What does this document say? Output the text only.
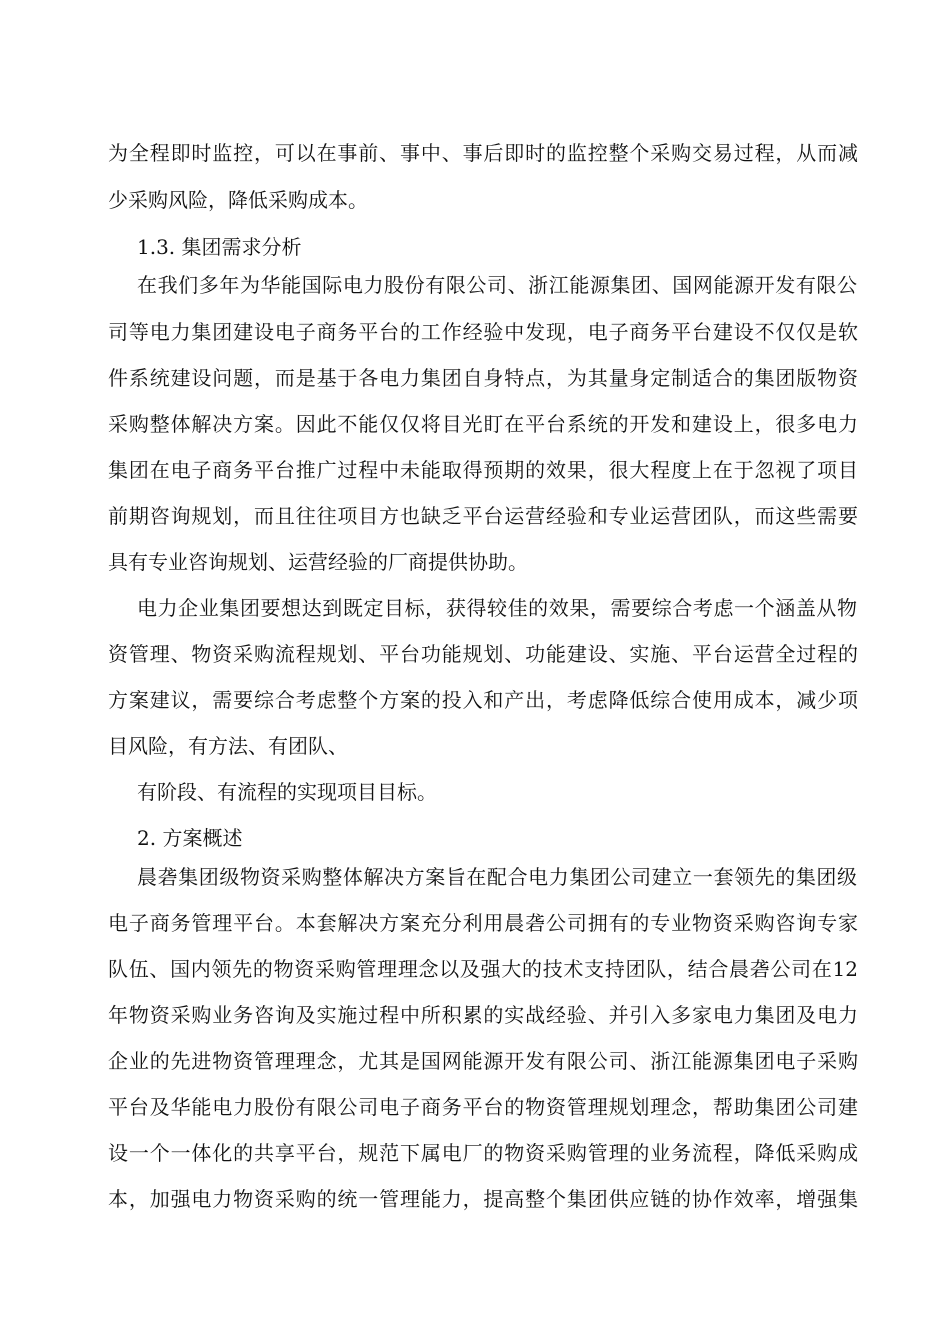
为全程即时监控，可以在事前、事中、事后即时的监控整个采购交易过程，从而减
少采购风险，降低采购成本。
1.3. 集团需求分析
在我们多年为华能国际电力股份有限公司、浙江能源集团、国网能源开发有限公
司等电力集团建设电子商务平台的工作经验中发现，电子商务平台建设不仅仅是软
件系统建设问题，而是基于各电力集团自身特点，为其量身定制适合的集团版物资
采购整体解决方案。因此不能仅仅将目光盯在平台系统的开发和建设上，很多电力
集团在电子商务平台推广过程中未能取得预期的效果，很大程度上在于忽视了项目
前期咨询规划，而且往往项目方也缺乏平台运营经验和专业运营团队，而这些需要
具有专业咨询规划、运营经验的厂商提供协助。
电力企业集团要想达到既定目标，获得较佳的效果，需要综合考虑一个涵盖从物
资管理、物资采购流程规划、平台功能规划、功能建设、实施、平台运营全过程的
方案建议，需要综合考虑整个方案的投入和产出，考虑降低综合使用成本，减少项
目风险，有方法、有团队、
有阶段、有流程的实现项目目标。
2. 方案概述
晨砻集团级物资采购整体解决方案旨在配合电力集团公司建立一套领先的集团级
电子商务管理平台。本套解决方案充分利用晨砻公司拥有的专业物资采购咨询专家
队伍、国内领先的物资采购管理理念以及强大的技术支持团队，结合晨砻公司在12
年物资采购业务咨询及实施过程中所积累的实战经验、并引入多家电力集团及电力
企业的先进物资管理理念，尤其是国网能源开发有限公司、浙江能源集团电子采购
平台及华能电力股份有限公司电子商务平台的物资管理规划理念，帮助集团公司建
设一个一体化的共享平台，规范下属电厂的物资采购管理的业务流程，降低采购成
本，加强电力物资采购的统一管理能力，提高整个集团供应链的协作效率，增强集
